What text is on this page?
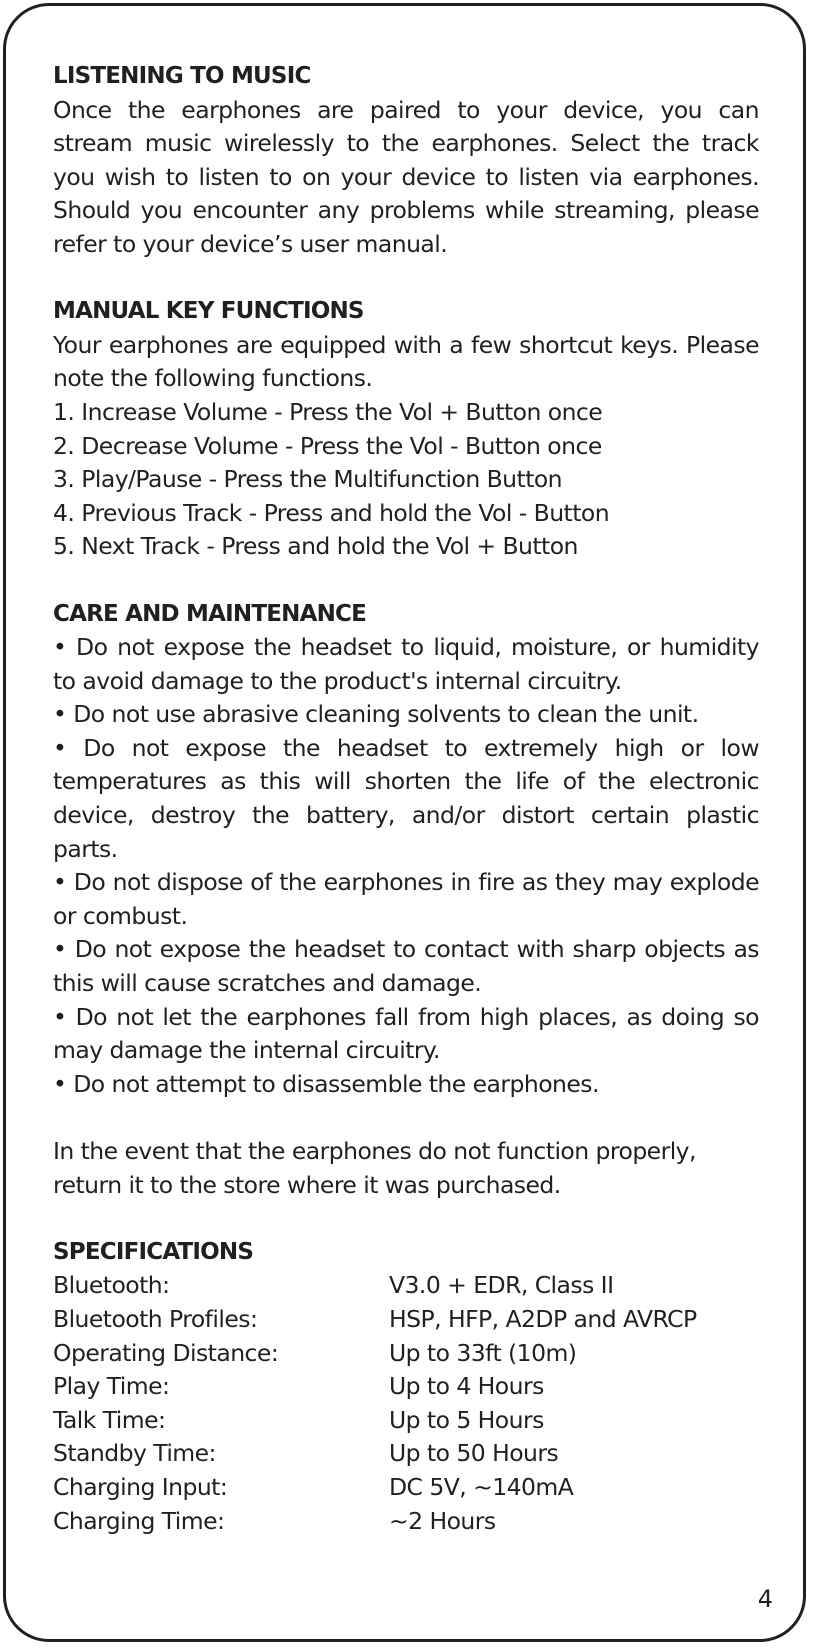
LISTENING TO MUSIC

Once the earphones are paired to your device, you can stream music wirelessly to the earphones. Select the track you wish to listen to on your device to listen via earphones. Should you encounter any problems while streaming, please refer to your device’s user manual.

MANUAL KEY FUNCTIONS

Your earphones are equipped with a few shortcut keys. Please note the following functions.

1. Increase Volume - Press the Vol + Button once

2. Decrease Volume - Press the Vol - Button once

3. Play/Pause - Press the Multifunction Button

4. Previous Track - Press and hold the Vol - Button

5. Next Track - Press and hold the Vol + Button

CARE AND MAINTENANCE

• Do not expose the headset to liquid, moisture, or humidity to avoid damage to the product's internal circuitry.

• Do not use abrasive cleaning solvents to clean the unit.

• Do not expose the headset to extremely high or low temperatures as this will shorten the life of the electronic device, destroy the battery, and/or distort certain plastic parts.

• Do not dispose of the earphones in fire as they may explode or combust.

• Do not expose the headset to contact with sharp objects as this will cause scratches and damage.

• Do not let the earphones fall from high places, as doing so may damage the internal circuitry.

• Do not attempt to disassemble the earphones.

In the event that the earphones do not function properly, return it to the store where it was purchased.

SPECIFICATIONS
Bluetooth:	V3.0 + EDR, Class II
Bluetooth Profiles:	HSP, HFP, A2DP and AVRCP
Operating Distance:	Up to 33ft (10m)
Play Time:	Up to 4 Hours
Talk Time:	Up to 5 Hours
Standby Time:	Up to 50 Hours
Charging Input:	DC 5V, ~140mA
Charging Time:	~2 Hours
4
